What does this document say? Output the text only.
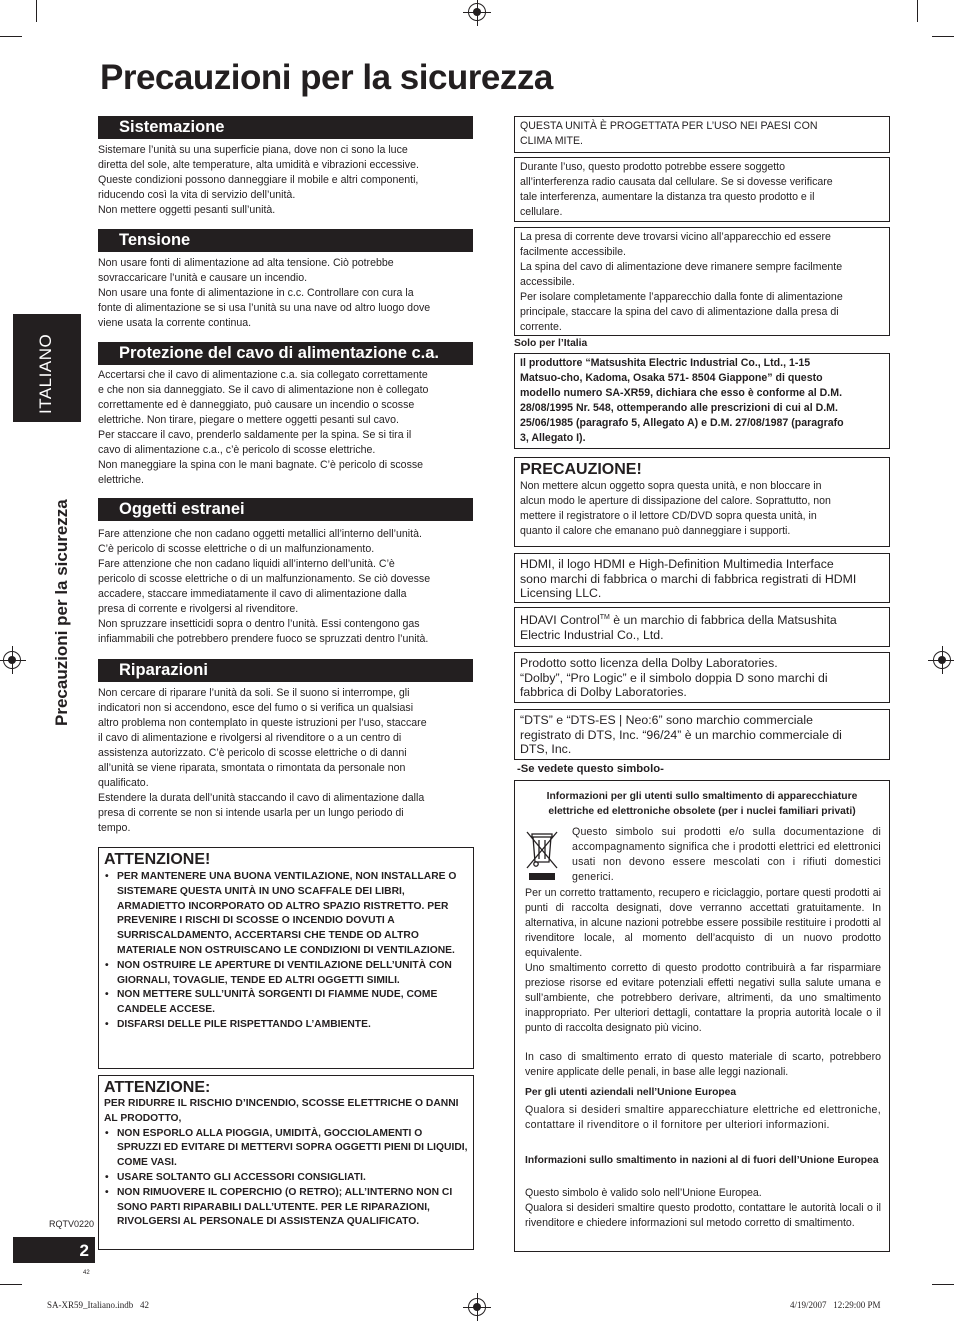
Precauzioni per la sicurezza
ITALIANO
Precauzioni per la sicurezza
Sistemazione
Sistemare l’unità su una superficie piana, dove non ci sono la luce
diretta del sole, alte temperature, alta umidità e vibrazioni eccessive.
Queste condizioni possono danneggiare il mobile e altri componenti,
riducendo così la vita di servizio dell’unità.
Non mettere oggetti pesanti sull’unità.
Tensione
Non usare fonti di alimentazione ad alta tensione. Ciò potrebbe
sovraccaricare l’unità e causare un incendio.
Non usare una fonte di alimentazione in c.c. Controllare con cura la
fonte di alimentazione se si usa l’unità su una nave od altro luogo dove
viene usata la corrente continua.
Protezione del cavo di alimentazione c.a.
Accertarsi che il cavo di alimentazione c.a. sia collegato correttamente
e che non sia danneggiato. Se il cavo di alimentazione non è collegato
correttamente ed è danneggiato, può causare un incendio o scosse
elettriche. Non tirare, piegare o mettere oggetti pesanti sul cavo.
Per staccare il cavo, prenderlo saldamente per la spina. Se si tira il
cavo di alimentazione c.a., c’è pericolo di scosse elettriche.
Non maneggiare la spina con le mani bagnate. C’è pericolo di scosse
elettriche.
Oggetti estranei
Fare attenzione che non cadano oggetti metallici all’interno dell’unità.
C’è pericolo di scosse elettriche o di un malfunzionamento.
Fare attenzione che non cadano liquidi all’interno dell’unità. C’è
pericolo di scosse elettriche o di un malfunzionamento. Se ciò dovesse
accadere, staccare immediatamente il cavo di alimentazione dalla
presa di corrente e rivolgersi al rivenditore.
Non spruzzare insetticidi sopra o dentro l’unità. Essi contengono gas
infiammabili che potrebbero prendere fuoco se spruzzati dentro l’unità.
Riparazioni
Non cercare di riparare l’unità da soli. Se il suono si interrompe, gli
indicatori non si accendono, esce del fumo o si verifica un qualsiasi
altro problema non contemplato in queste istruzioni per l’uso, staccare
il cavo di alimentazione e rivolgersi al rivenditore o a un centro di
assistenza autorizzato. C’è pericolo di scosse elettriche o di danni
all’unità se viene riparata, smontata o rimontata da personale non
qualificato.
Estendere la durata dell’unità staccando il cavo di alimentazione dalla
presa di corrente se non si intende usarla per un lungo periodo di
tempo.
ATTENZIONE!
• PER MANTENERE UNA BUONA VENTILAZIONE, NON INSTALLARE O SISTEMARE QUESTA UNITÀ IN UNO SCAFFALE DEI LIBRI, ARMADIETTO INCORPORATO OD ALTRO SPAZIO RISTRETTO. PER PREVENIRE I RISCHI DI SCOSSE O INCENDIO DOVUTI A SURRISCALDAMENTO, ACCERTARSI CHE TENDE OD ALTRO MATERIALE NON OSTRUISCANO LE CONDIZIONI DI VENTILAZIONE.
• NON OSTRUIRE LE APERTURE DI VENTILAZIONE DELL’UNITÀ CON GIORNALI, TOVAGLIE, TENDE ED ALTRI OGGETTI SIMILI.
• NON METTERE SULL’UNITÀ SORGENTI DI FIAMME NUDE, COME CANDELE ACCESE.
• DISFARSI DELLE PILE RISPETTANDO L’AMBIENTE.
ATTENZIONE:
PER RIDURRE IL RISCHIO D’INCENDIO, SCOSSE ELETTRICHE O DANNI AL PRODOTTO,
• NON ESPORLO ALLA PIOGGIA, UMIDITÀ, GOCCIOLAMENTI O SPRUZZI ED EVITARE DI METTERVI SOPRA OGGETTI PIENI DI LIQUIDI, COME VASI.
• USARE SOLTANTO GLI ACCESSORI CONSIGLIATI.
• NON RIMUOVERE IL COPERCHIO (O RETRO); ALL’INTERNO NON CI SONO PARTI RIPARABILI DALL’UTENTE. PER LE RIPARAZIONI, RIVOLGERSI AL PERSONALE DI ASSISTENZA QUALIFICATO.
RQTV0220
2
42
SA-XR59_Italiano.indb   42	4/19/2007   12:29:00 PM
QUESTA UNITÀ È PROGETTATA PER L’USO NEI PAESI CON
CLIMA MITE.
Durante l’uso, questo prodotto potrebbe essere soggetto
all’interferenza radio causata dal cellulare. Se si dovesse verificare
tale interferenza, aumentare la distanza tra questo prodotto e il
cellulare.
La presa di corrente deve trovarsi vicino all’apparecchio ed essere
facilmente accessibile.
La spina del cavo di alimentazione deve rimanere sempre facilmente
accessibile.
Per isolare completamente l’apparecchio dalla fonte di alimentazione
principale, staccare la spina del cavo di alimentazione dalla presa di
corrente.
Solo per l’Italia
Il produttore “Matsushita Electric Industrial Co., Ltd., 1-15
Matsuo-cho, Kadoma, Osaka 571- 8504 Giappone” di questo
modello numero SA-XR59, dichiara che esso è conforme al D.M.
28/08/1995 Nr. 548, ottemperando alle prescrizioni di cui al D.M.
25/06/1985 (paragrafo 5, Allegato A) e D.M. 27/08/1987 (paragrafo
3, Allegato I).
PRECAUZIONE!
Non mettere alcun oggetto sopra questa unità, e non bloccare in
alcun modo le aperture di dissipazione del calore. Soprattutto, non
mettere il registratore o il lettore CD/DVD sopra questa unità, in
quanto il calore che emanano può danneggiare i supporti.
HDMI, il logo HDMI e High-Definition Multimedia Interface
sono marchi di fabbrica o marchi di fabbrica registrati di HDMI
Licensing LLC.
HDAVI Control™ è un marchio di fabbrica della Matsushita
Electric Industrial Co., Ltd.
Prodotto sotto licenza della Dolby Laboratories.
“Dolby”, “Pro Logic” e il simbolo doppia D sono marchi di
fabbrica di Dolby Laboratories.
“DTS” e “DTS-ES | Neo:6” sono marchio commerciale
registrato di DTS, Inc. “96/24” è un marchio commerciale di
DTS, Inc.
-Se vedete questo simbolo-
Informazioni per gli utenti sullo smaltimento di apparecchiature elettriche ed elettroniche obsolete (per i nuclei familiari privati)
Questo simbolo sui prodotti e/o sulla documentazione di accompagnamento significa che i prodotti elettrici ed elettronici usati non devono essere mescolati con i rifiuti domestici generici.
Per un corretto trattamento, recupero e riciclaggio, portare questi prodotti ai punti di raccolta designati, dove verranno accettati gratuitamente. In alternativa, in alcune nazioni potrebbe essere possibile restituire i prodotti al rivenditore locale, al momento dell’acquisto di un nuovo prodotto equivalente.
Uno smaltimento corretto di questo prodotto contribuirà a far risparmiare preziose risorse ed evitare potenziali effetti negativi sulla salute umana e sull’ambiente, che potrebbero derivare, altrimenti, da uno smaltimento inappropriato. Per ulteriori dettagli, contattare la propria autorità locale o il punto di raccolta designato più vicino.
In caso di smaltimento errato di questo materiale di scarto, potrebbero venire applicate delle penali, in base alle leggi nazionali.
Per gli utenti aziendali nell’Unione Europea
Qualora si desideri smaltire apparecchiature elettriche ed elettroniche, contattare il rivenditore o il fornitore per ulteriori informazioni.
Informazioni sullo smaltimento in nazioni al di fuori dell’Unione Europea
Questo simbolo è valido solo nell’Unione Europea.
Qualora si desideri smaltire questo prodotto, contattare le autorità locali o il rivenditore e chiedere informazioni sul metodo corretto di smaltimento.
